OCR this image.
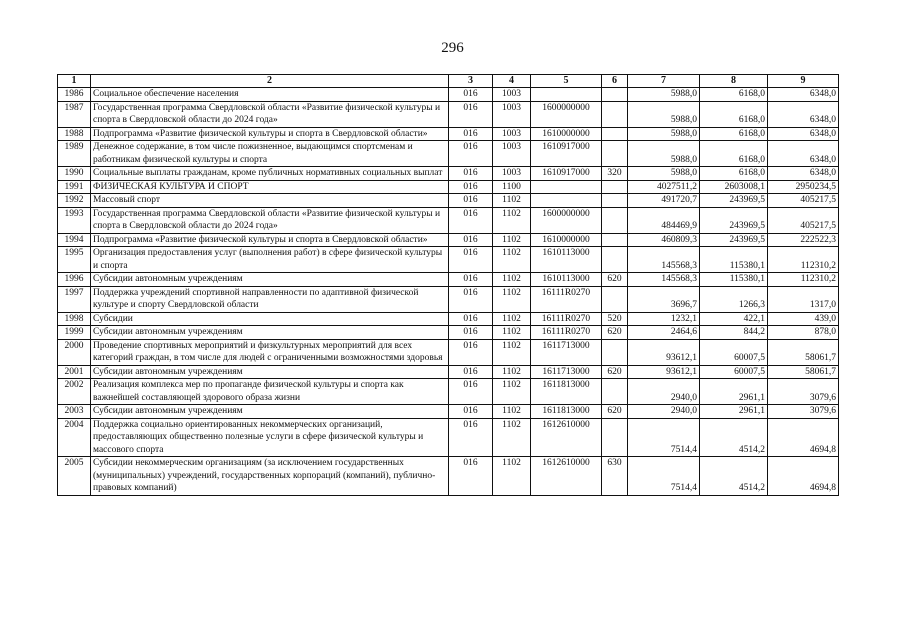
296
1	2	3	4	5	6	7	8	9
1986	Социальное обеспечение населения	016	1003			5988,0	6168,0	6348,0
1987	Государственная программа Свердловской области «Развитие физической культуры и спорта в Свердловской области до 2024 года»	016	1003	1600000000		5988,0	6168,0	6348,0
1988	Подпрограмма «Развитие физической культуры и спорта в Свердловской области»	016	1003	1610000000		5988,0	6168,0	6348,0
1989	Денежное содержание, в том числе пожизненное, выдающимся спортсменам и работникам физической культуры и спорта	016	1003	1610917000		5988,0	6168,0	6348,0
1990	Социальные выплаты гражданам, кроме публичных нормативных социальных выплат	016	1003	1610917000	320	5988,0	6168,0	6348,0
1991	ФИЗИЧЕСКАЯ КУЛЬТУРА И СПОРТ	016	1100			4027511,2	2603008,1	2950234,5
1992	Массовый спорт	016	1102			491720,7	243969,5	405217,5
1993	Государственная программа Свердловской области «Развитие физической культуры и спорта в Свердловской области до 2024 года»	016	1102	1600000000		484469,9	243969,5	405217,5
1994	Подпрограмма «Развитие физической культуры и спорта в Свердловской области»	016	1102	1610000000		460809,3	243969,5	222522,3
1995	Организация предоставления услуг (выполнения работ) в сфере физической культуры и спорта	016	1102	1610113000		145568,3	115380,1	112310,2
1996	Субсидии автономным учреждениям	016	1102	1610113000	620	145568,3	115380,1	112310,2
1997	Поддержка учреждений спортивной направленности по адаптивной физической культуре и спорту Свердловской области	016	1102	16111R0270		3696,7	1266,3	1317,0
1998	Субсидии	016	1102	16111R0270	520	1232,1	422,1	439,0
1999	Субсидии автономным учреждениям	016	1102	16111R0270	620	2464,6	844,2	878,0
2000	Проведение спортивных мероприятий и физкультурных мероприятий для всех категорий граждан, в том числе для людей с ограниченными возможностями здоровья	016	1102	1611713000		93612,1	60007,5	58061,7
2001	Субсидии автономным учреждениям	016	1102	1611713000	620	93612,1	60007,5	58061,7
2002	Реализация комплекса мер по пропаганде физической культуры и спорта как важнейшей составляющей здорового образа жизни	016	1102	1611813000		2940,0	2961,1	3079,6
2003	Субсидии автономным учреждениям	016	1102	1611813000	620	2940,0	2961,1	3079,6
2004	Поддержка социально ориентированных некоммерческих организаций, предоставляющих общественно полезные услуги в сфере физической культуры и массового спорта	016	1102	1612610000		7514,4	4514,2	4694,8
2005	Субсидии некоммерческим организациям (за исключением государственных (муниципальных) учреждений, государственных корпораций (компаний), публично-правовых компаний)	016	1102	1612610000	630	7514,4	4514,2	4694,8
